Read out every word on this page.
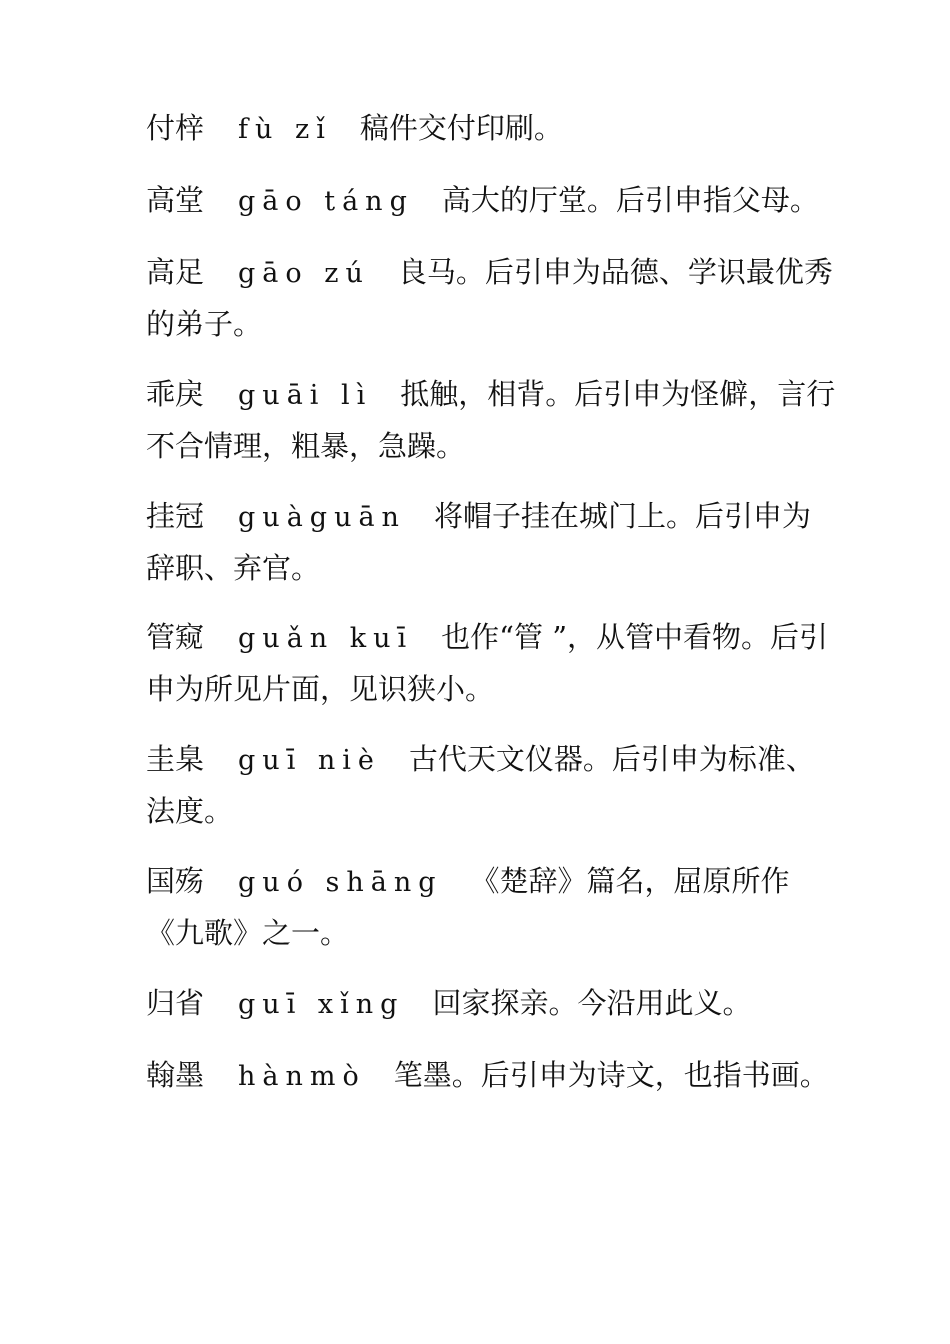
付梓 fù zǐ 稿件交付印刷。
高堂 gāo táng 高大的厅堂。后引申指父母。
高足 gāo zú 良马。后引申为品德、学识最优秀的弟子。
乖戾 guāi lì 抵触，相背。后引申为怪僻，言行不合情理，粗暴，急躁。
挂冠 guàguān 将帽子挂在城门上。后引申为辞职、弃官。
管窥 guǎn kuī 也作“管 ”，从管中看物。后引申为所见片面，见识狭小。
圭臬 guī niè 古代天文仪器。后引申为标准、法度。
国殇 guó shāng 《楚辞》篇名，屈原所作《九歌》之一。
归省 guī xǐng 回家探亲。今沿用此义。
翰墨 hànmò 笔墨。后引申为诗文，也指书画。
